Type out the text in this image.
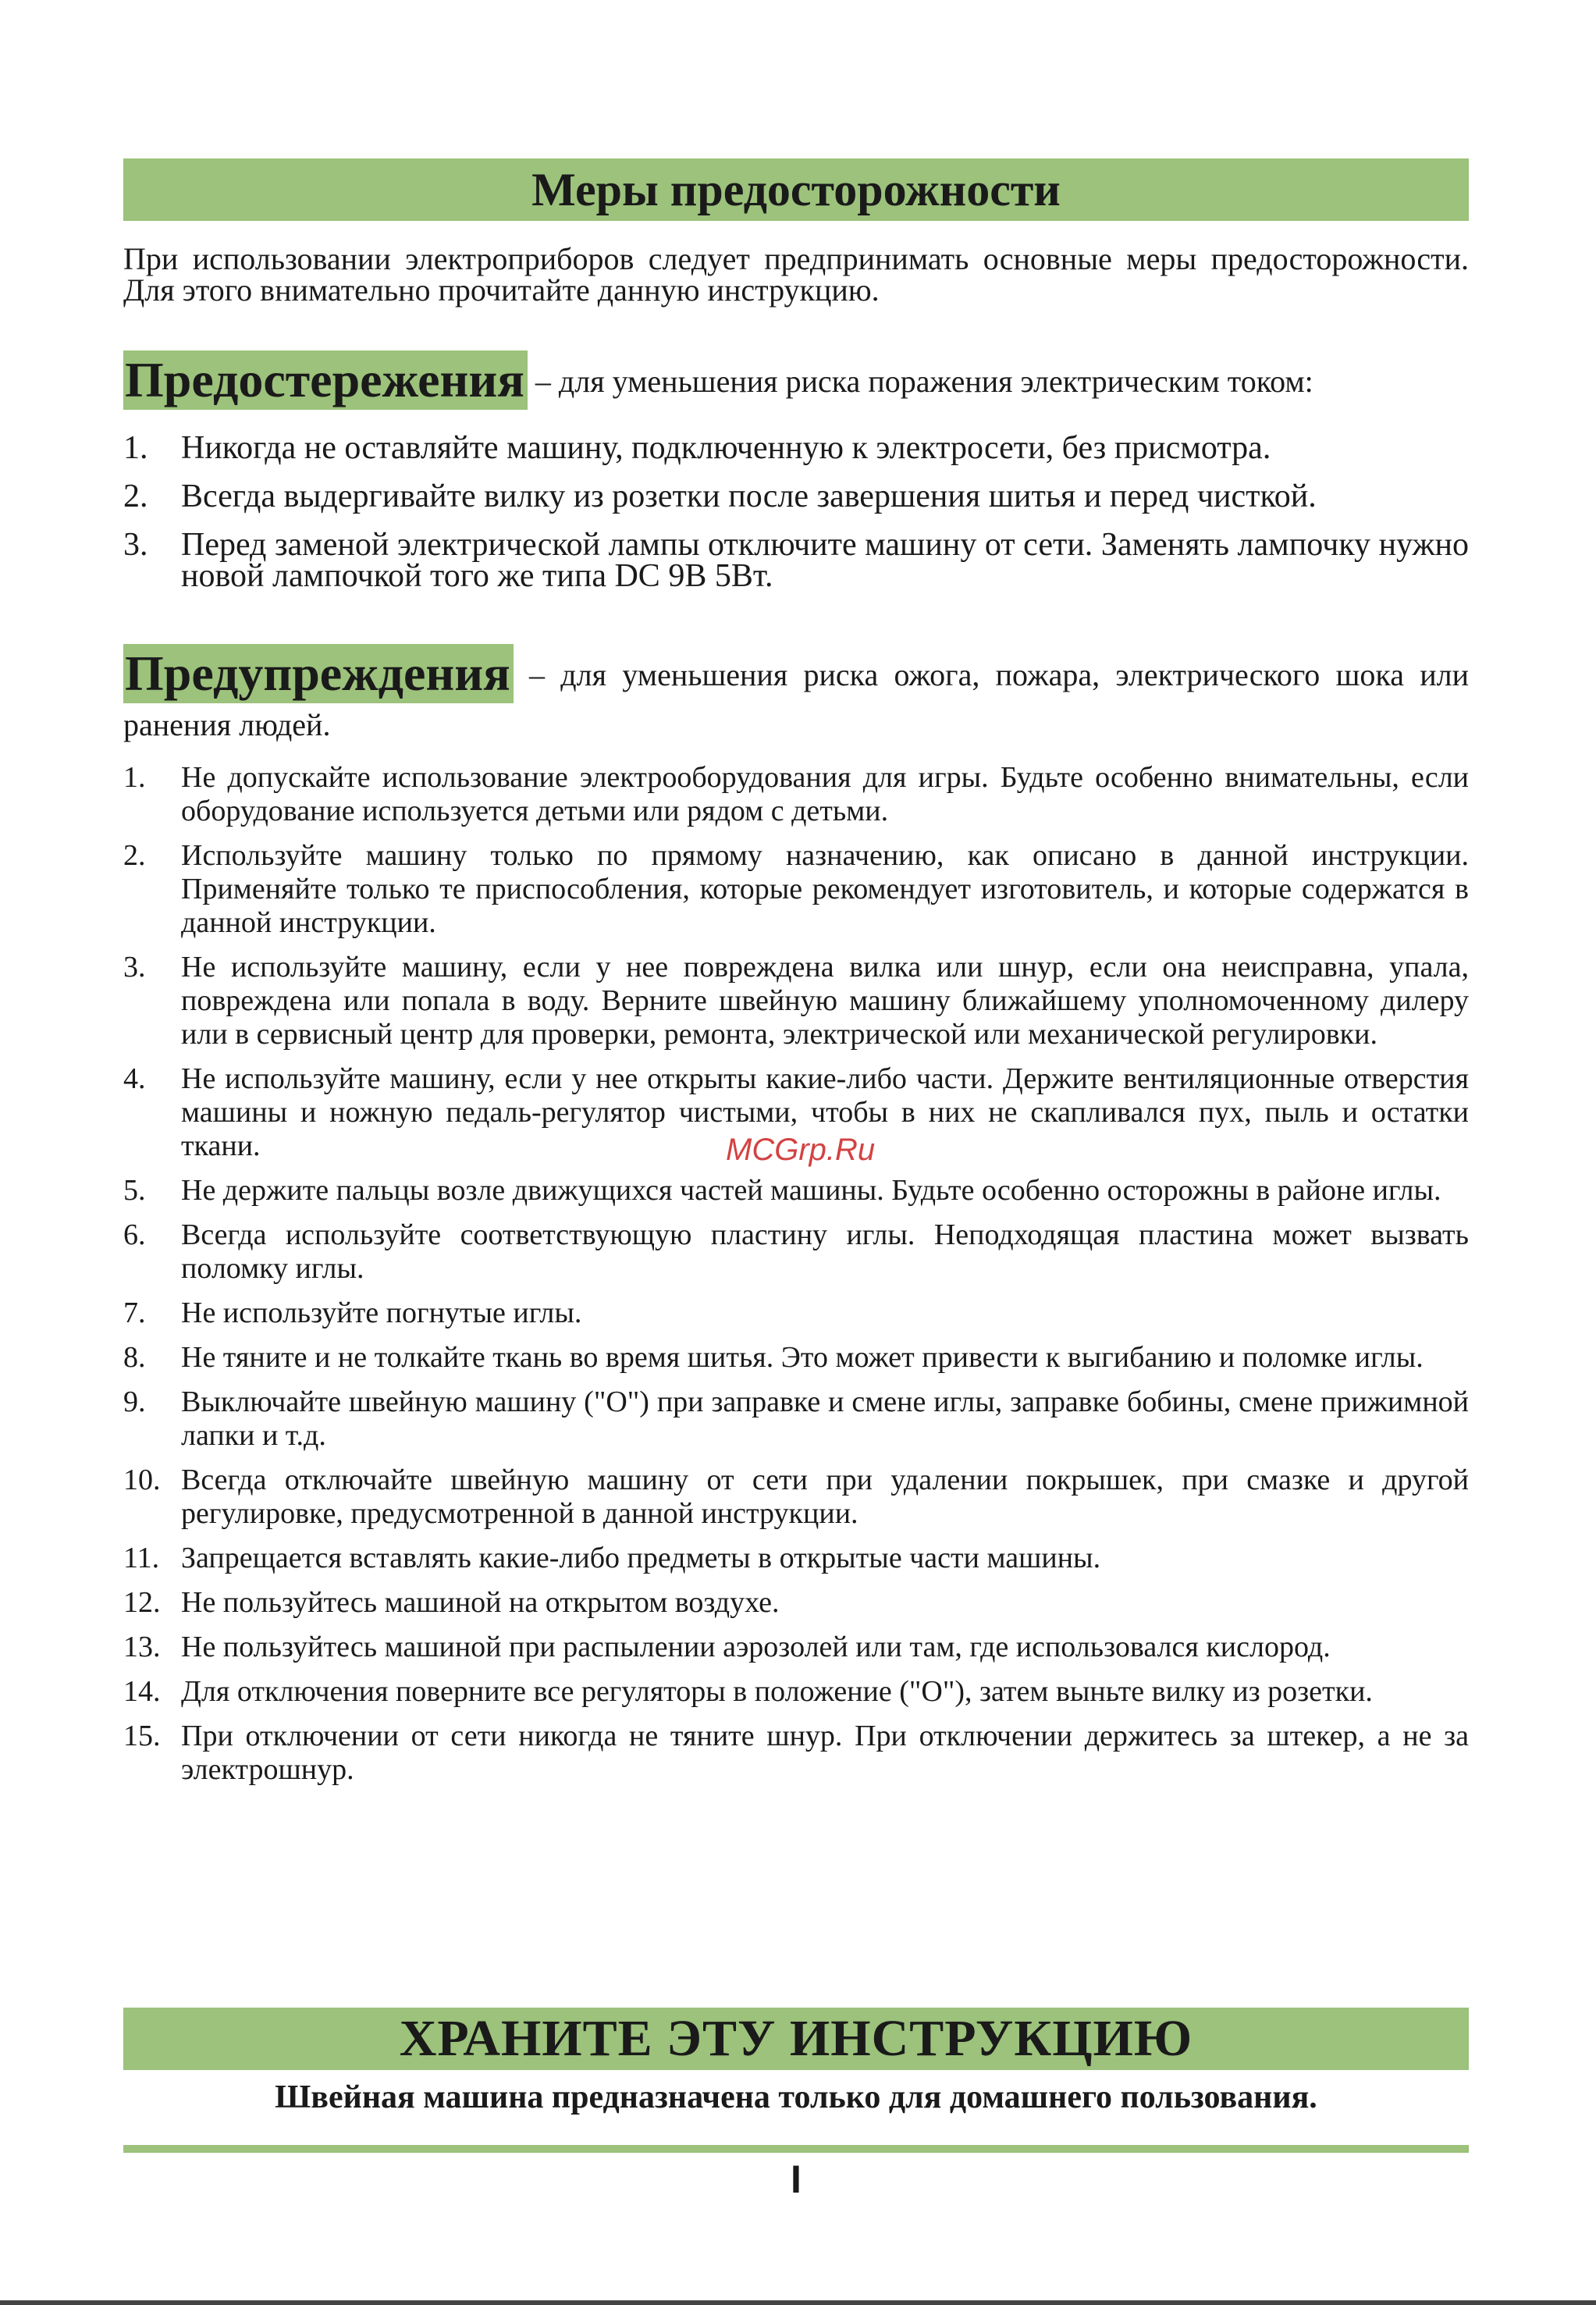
Меры предосторожности

При использовании электроприборов следует предпринимать основные меры предосторожности. Для этого внимательно прочитайте данную инструкцию.

Предостережения – для уменьшения риска поражения электрическим током:
1. Никогда не оставляйте машину, подключенную к электросети, без присмотра.
2. Всегда выдергивайте вилку из розетки после завершения шитья и перед чисткой.
3. Перед заменой электрической лампы отключите машину от сети. Заменять лампочку нужно новой лампочкой того же типа DC 9В 5Вт.
Предупреждения – для уменьшения риска ожога, пожара, электрического шока или ранения людей.
1. Не допускайте использование электрооборудования для игры. Будьте особенно внимательны, если оборудование используется детьми или рядом с детьми.
2. Используйте машину только по прямому назначению, как описано в данной инструкции. Применяйте только те приспособления, которые рекомендует изготовитель, и которые содержатся в данной инструкции.
3. Не используйте машину, если у нее повреждена вилка или шнур, если она неисправна, упала, повреждена или попала в воду. Верните швейную машину ближайшему уполномоченному дилеру или в сервисный центр для проверки, ремонта, электрической или механической регулировки.
4. Не используйте машину, если у нее открыты какие-либо части. Держите вентиляционные отверстия машины и ножную педаль-регулятор чистыми, чтобы в них не скапливался пух, пыль и остатки ткани.
5. Не держите пальцы возле движущихся частей машины. Будьте особенно осторожны в районе иглы.
6. Всегда используйте соответствующую пластину иглы. Неподходящая пластина может вызвать поломку иглы.
7. Не используйте погнутые иглы.
8. Не тяните и не толкайте ткань во время шитья. Это может привести к выгибанию и поломке иглы.
9. Выключайте швейную машину ("O") при заправке и смене иглы, заправке бобины, смене прижимной лапки и т.д.
10. Всегда отключайте швейную машину от сети при удалении покрышек, при смазке и другой регулировке, предусмотренной в данной инструкции.
11. Запрещается вставлять какие-либо предметы в открытые части машины.
12. Не пользуйтесь машиной на открытом воздухе.
13. Не пользуйтесь машиной при распылении аэрозолей или там, где использовался кислород.
14. Для отключения поверните все регуляторы в положение ("O"), затем выньте вилку из розетки.
15. При отключении от сети никогда не тяните шнур. При отключении держитесь за штекер, а не за электрошнур.
ХРАНИТЕ ЭТУ ИНСТРУКЦИЮ
Швейная машина предназначена только для домашнего пользования.
I
MCGrp.Ru
